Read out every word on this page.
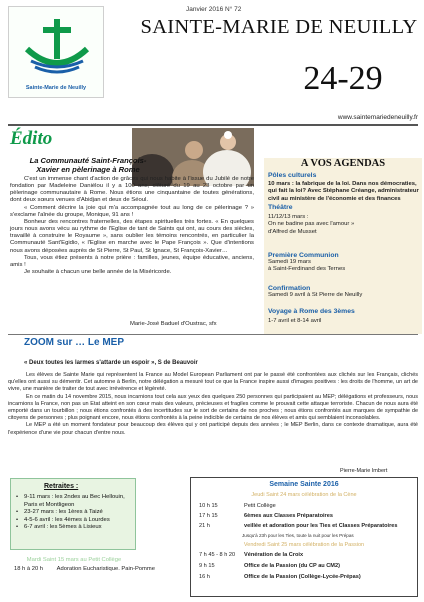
Sainte-Marie de Neuilly
Janvier 2016 N° 72
SAINTE-MARIE DE NEUILLY
24-29
www.saintemariedeneuilly.fr
Édito
La Communauté Saint-François-Xavier en pèlerinage à Rome

C'est un immense chant d'action de grâces qui nous habite à l'issue du Jubilé de notre fondation par Madeleine Daniélou il y a 100 ans, clôturé du 19 au 23 octobre par un pèlerinage communautaire à Rome. Nous étions une cinquantaine de toutes générations, dont deux sœurs venues d'Abidjan et deux de Séoul.

« Comment décrire la joie qui m'a accompagnée tout au long de ce pèlerinage ? » s'exclame l'aînée du groupe, Monique, 91 ans !

Bonheur des rencontres fraternelles, des étapes spirituelles très fortes. « En quelques jours nous avons vécu au rythme de l'Eglise de tant de Saints qui ont, au cours des siècles, travaillé à construire le Royaume », sans oublier les témoins rencontrés, en particulier la Communauté Sant'Egidio, « l'Eglise en marche avec le Pape François ». Que d'intentions nous avons déposées auprès de St Pierre, St Paul, St Ignace, St François-Xavier…

Tous, vous étiez présents à notre prière : familles, jeunes, équipe éducative, anciens, amis !

Je souhaite à chacun une belle année de la Miséricorde.

Marie-José Baduel d'Oustrac, sfx
A VOS AGENDAS
Pôles culturels
10 mars : la fabrique de la loi. Dans nos démocraties, qui fait la loi? Avec Stéphane Créange, administrateur civil au ministère de l'économie et des finances
Théâtre
11/12/13 mars :
On ne badine pas avec l'amour »
d'Alfred de Musset
Première Communion
Samedi 19 mars
à Saint-Ferdinand des Ternes
Confirmation
Samedi 9 avril à St Pierre de Neuilly
Voyage à Rome des 3èmes
1-7 avril et 8-14 avril
ZOOM sur … Le MEP
« Deux toutes les larmes s'attarde un espoir », S de Beauvoir

Les élèves de Sainte Marie qui représentent la France au Model European Parliament ont par le passé été confrontées aux clichés sur les Français, clichés qu'elles ont aussi su démentir. Cet automne à Berlin, notre délégation a mesuré tout ce que la France inspire aussi d'images positives : les droits de l'homme, un art de vivre, une manière de traiter de tout avec irrévérence et légèreté.

En ce matin du 14 novembre 2015, nous incarnions tout cela aux yeux des quelques 250 personnes qui participaient au MEP; délégations et professeurs, nous incarnions la France, non pas un Etat atteint en son cœur mais des valeurs, précieuses et fragiles comme le prouvait cette attaque terroriste. Chacun de nous aura été emporté dans un tourbillon ; nous étions confrontés à des incertitudes sur le sort de certains de nos proches ; nous étions confrontés aux marques de sympathie de citoyens de personnes ; plus poignant encore, nous étions confrontés à la peine indicible de certains de nos élèves et amis qui semblaient inconsolables.

Le MEP a été un moment fondateur pour beaucoup des élèves qui y ont participé depuis des années ; le MEP Berlin, dans ce contexte dramatique, aura été l'expérience d'une vie pour chacun d'entre nous.

Pierre-Marie Imbert
Retraites :
• 9-11 mars : les 2ndes au Bec Hellouin, Paris et Montligeon
• 23-27 mars : les 1ères à Taizé
• 4-5-6 avril : les 4èmes à Lourdes
• 6-7 avril : les 5èmes à Lisieux
Mardi Saint 15 mars au Petit Collège
18 h à 20 h Adoration Eucharistique. Pain-Pomme
Semaine Sainte 2016
Jeudi Saint 24 mars célébration de la Cène
10 h 15	Petit Collège
17 h 15	6èmes aux Classes Préparatoires
21 h	veillée et adoration pour les Ties et Classes Préparatoires
Jusqu'à 23h pour les Ties, toute la nuit pour les Prépas
Vendredi Saint 25 mars célébration de la Passion
7 h 45 - 8 h 20 Vénération de la Croix
9 h 15	Office de la Passion (du CP au CM2)
16 h	Office de la Passion (Collège-Lycée-Prépas)
